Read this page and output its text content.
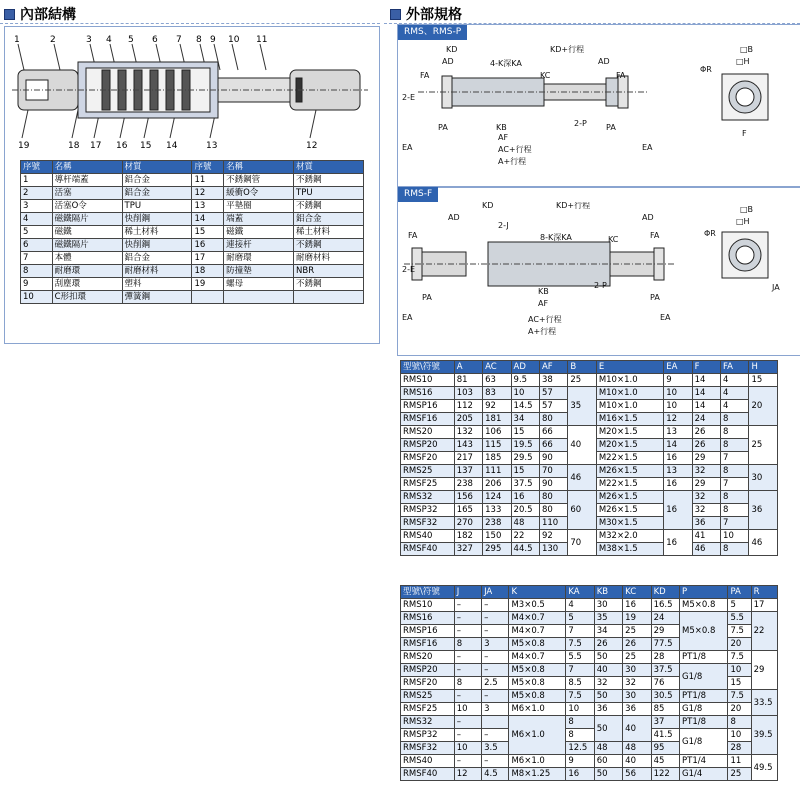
內部結構
1	2	3 4 5 6 7 8 9 10 11
19	18 17 16 15 14	13	12
序號	名稱	材質	序號	名稱	材質
1	導杆端蓋	鋁合金	11	不銹鋼管	不銹鋼
2	活塞	鋁合金	12	緩衝O令	TPU
3	活塞O令	TPU	13	平墊圈	不銹鋼
4	磁鐵隔片	快削鋼	14	端蓋	鋁合金
5	磁鐵	稀土材料	15	磁鐵	稀土材料
6	磁鐵隔片	快削鋼	16	連接杆	不銹鋼
7	本體	鋁合金	17	耐磨環	耐磨材料
8	耐磨環	耐磨材料	18	防撞墊	NBR
9	刮塵環	塑料	19	螺母	不銹鋼
10	C形扣環	彈簧鋼			
外部規格
RMS、RMS-P
KD
AD	4-K深KA
KD+行程
AD
FA	FA
2-E
KC
□B
□H
ΦR
PA	KB	2-P PA
AF
AC+行程
A+行程
EA	EA
F
RMS-F
KD
AD
2-J
8-K深KA
KD+行程
AD
FA	FA
2-E
KC
□B
□H
ΦR
PA
KB
AF
2-P
PA
AC+行程
A+行程
EA	EA
JA
型號\符號	A	AC	AD	AF	B	E	EA	F	FA	H
RMS10	81	63	9.5	38	25	M10×1.0	9	14	4	15
RMS16	103	83	10	57	35	M10×1.0	10	14	4	20
RMSP16	112	92	14.5	57		M10×1.0	10	14	4	
RMSF16	205	181	34	80		M16×1.5	12	24	8	
RMS20	132	106	15	66	40	M20×1.5	13	26	8	25
RMSP20	143	115	19.5	66		M20×1.5	14	26	8	
RMSF20	217	185	29.5	90		M22×1.5	16	29	7	
RMS25	137	111	15	70	46	M26×1.5	13	32	8	30
RMSF25	238	206	37.5	90		M22×1.5	16	29	7	
RMS32	156	124	16	80	60	M26×1.5	16	32	8	36
RMSP32	165	133	20.5	80		M26×1.5		32	8	
RMSF32	270	238	48	110		M30×1.5		36	7	
RMS40	182	150	22	92	70	M32×2.0	16	41	10	46
RMSF40	327	295	44.5	130		M38×1.5		46	8	
型號\符號	J	JA	K	KA	KB	KC	KD	P	PA	R
RMS10	–	–	M3×0.5	4	30	16	16.5	M5×0.8	5	17
RMS16	–	–	M4×0.7	5	35	19	24	M5×0.8	5.5	22
RMSP16	–	–	M4×0.7	7	34	25	29		7.5	
RMSF16	8	3	M5×0.8	7.5	26	26	77.5		20	
RMS20	–	–	M4×0.7	5.5	50	25	28	PT1/8	7.5	29
RMSP20	–	–	M5×0.8	7	40	30	37.5	G1/8	10	
RMSF20	8	2.5	M5×0.8	8.5	32	32	76		15	
RMS25	–	–	M5×0.8	7.5	50	30	30.5	PT1/8	7.5	33.5
RMSF25	10	3	M6×1.0	10	36	36	85	G1/8	20	
RMS32	–		M6×1.0	8	50	40	37	PT1/8	8	39.5
RMSP32	–	–		8			41.5	G1/8	10	
RMSF32	10	3.5		12.5	48	48	95		28	
RMS40	–	–	M6×1.0	9	60	40	45	PT1/4	11	49.5
RMSF40	12	4.5	M8×1.25	16	50	56	122	G1/4	25	
